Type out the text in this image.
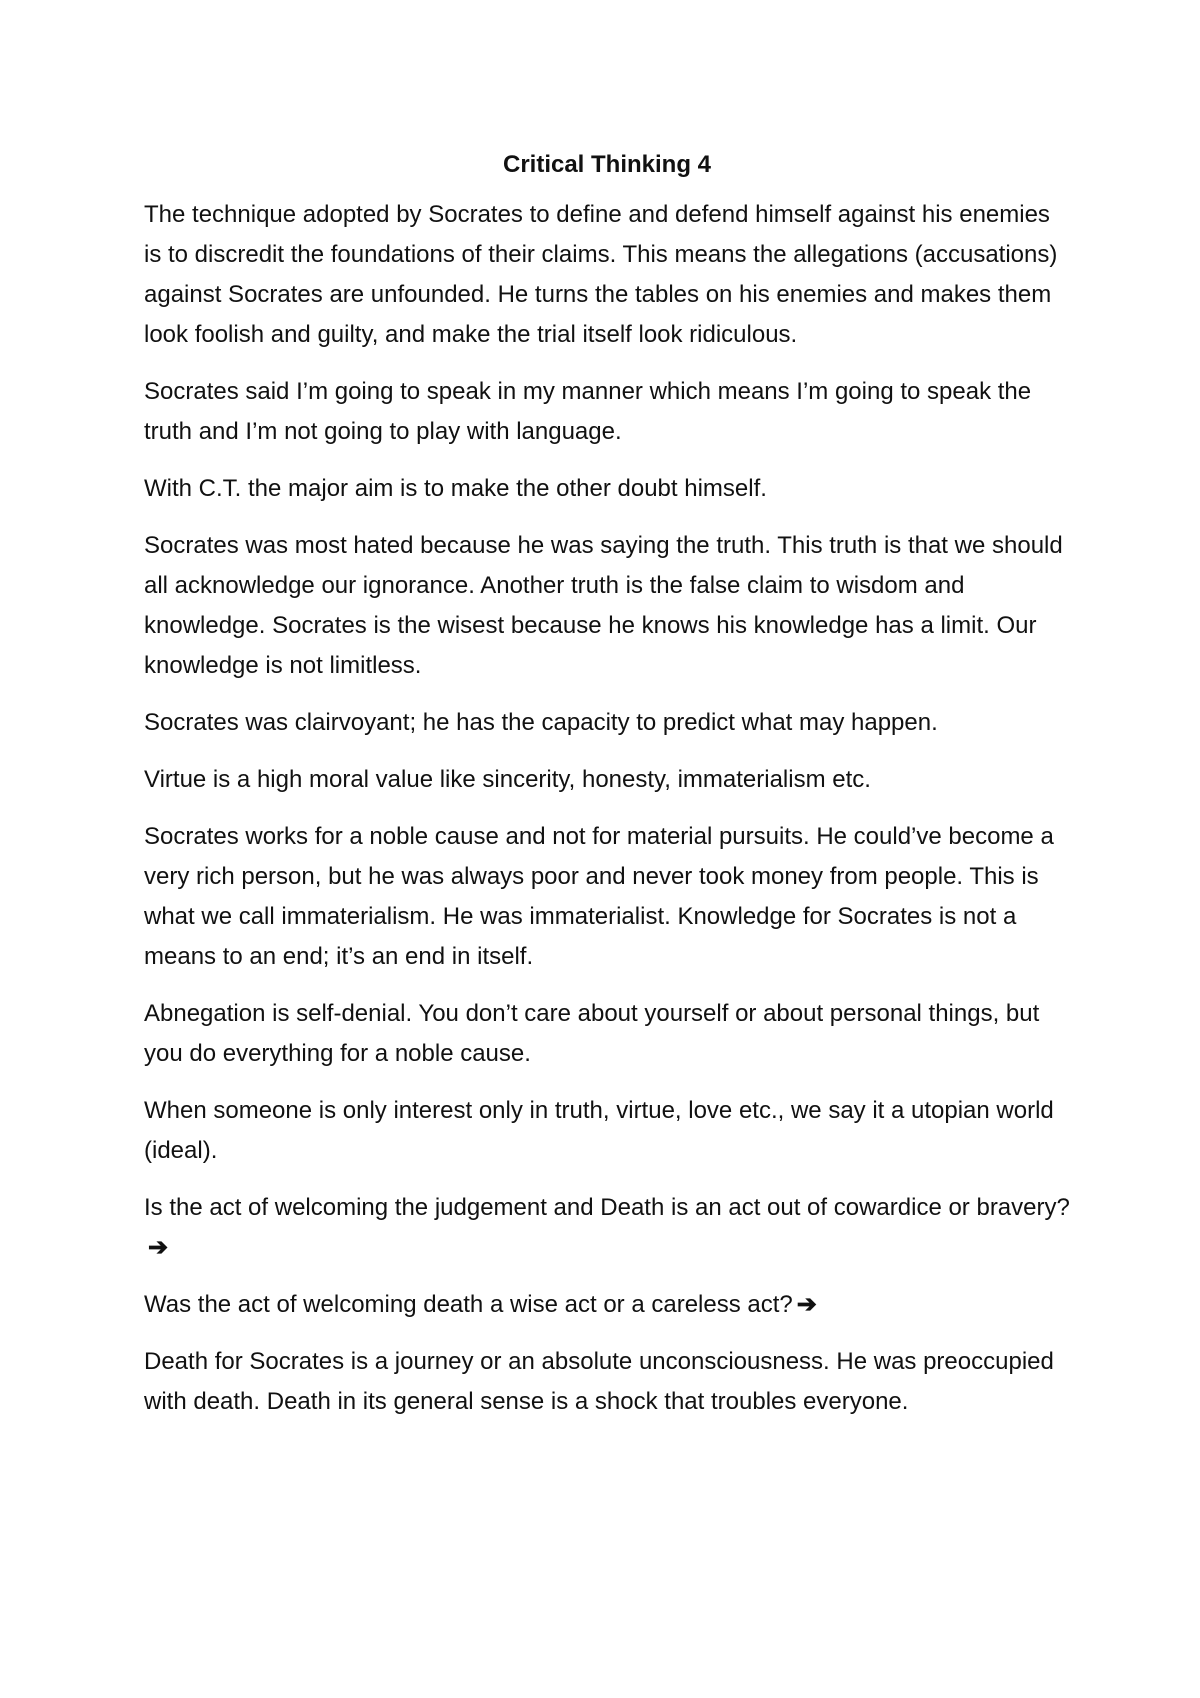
Critical Thinking 4

The technique adopted by Socrates to define and defend himself against his enemies is to discredit the foundations of their claims. This means the allegations (accusations) against Socrates are unfounded. He turns the tables on his enemies and makes them look foolish and guilty, and make the trial itself look ridiculous.

Socrates said I’m going to speak in my manner which means I’m going to speak the truth and I’m not going to play with language.

With C.T. the major aim is to make the other doubt himself.

Socrates was most hated because he was saying the truth. This truth is that we should all acknowledge our ignorance. Another truth is the false claim to wisdom and knowledge. Socrates is the wisest because he knows his knowledge has a limit. Our knowledge is not limitless.

Socrates was clairvoyant; he has the capacity to predict what may happen.

Virtue is a high moral value like sincerity, honesty, immaterialism etc.

Socrates works for a noble cause and not for material pursuits. He could’ve become a very rich person, but he was always poor and never took money from people. This is what we call immaterialism. He was immaterialist. Knowledge for Socrates is not a means to an end; it’s an end in itself.

Abnegation is self-denial. You don’t care about yourself or about personal things, but you do everything for a noble cause.

When someone is only interest only in truth, virtue, love etc., we say it a utopian world (ideal).

Is the act of welcoming the judgement and Death is an act out of cowardice or bravery?➔

Was the act of welcoming death a wise act or a careless act? ➔

Death for Socrates is a journey or an absolute unconsciousness. He was preoccupied with death. Death in its general sense is a shock that troubles everyone.
